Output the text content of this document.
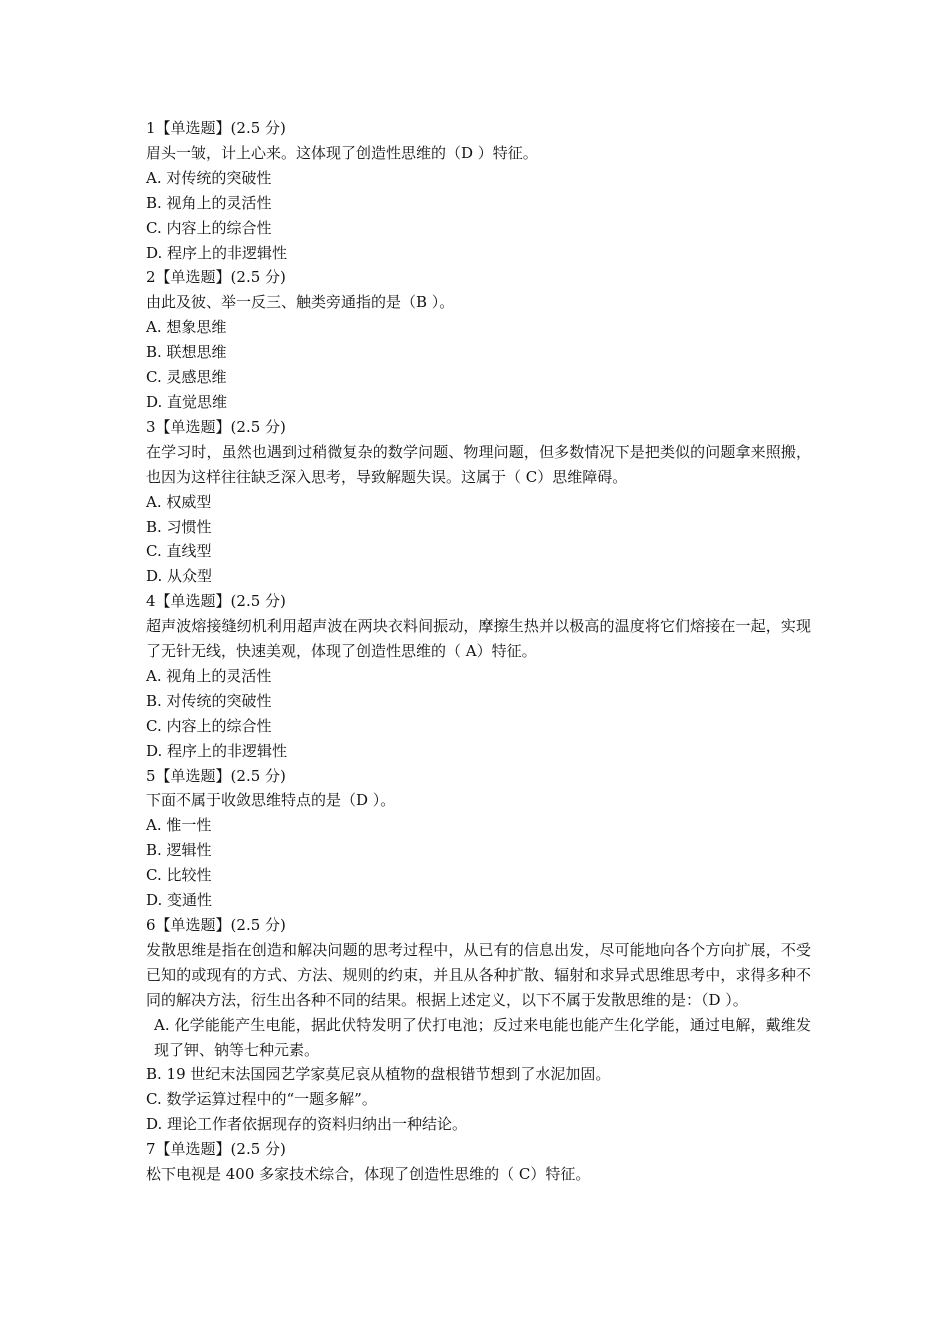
1【单选题】(2.5 分)
眉头一皱，计上心来。这体现了创造性思维的（D ）特征。
A. 对传统的突破性
B. 视角上的灵活性
C. 内容上的综合性
D. 程序上的非逻辑性
2【单选题】(2.5 分)
由此及彼、举一反三、触类旁通指的是（B ）。
A. 想象思维
B. 联想思维
C. 灵感思维
D. 直觉思维
3【单选题】(2.5 分)
在学习时，虽然也遇到过稍微复杂的数学问题、物理问题，但多数情况下是把类似的问题拿来照搬，也因为这样往往缺乏深入思考，导致解题失误。这属于（ C）思维障碍。
A. 权威型
B. 习惯性
C. 直线型
D. 从众型
4【单选题】(2.5 分)
超声波熔接缝纫机利用超声波在两块衣料间振动，摩擦生热并以极高的温度将它们熔接在一起，实现了无针无线，快速美观，体现了创造性思维的（ A）特征。
A. 视角上的灵活性
B. 对传统的突破性
C. 内容上的综合性
D. 程序上的非逻辑性
5【单选题】(2.5 分)
下面不属于收敛思维特点的是（D ）。
A. 惟一性
B. 逻辑性
C. 比较性
D. 变通性
6【单选题】(2.5 分)
发散思维是指在创造和解决问题的思考过程中，从已有的信息出发，尽可能地向各个方向扩展，不受已知的或现有的方式、方法、规则的约束，并且从各种扩散、辐射和求异式思维思考中，求得多种不同的解决方法，衍生出各种不同的结果。根据上述定义，以下不属于发散思维的是：（D ）。
A. 化学能能产生电能，据此伏特发明了伏打电池；反过来电能也能产生化学能，通过电解，戴维发现了钾、钠等七种元素。
B. 19 世纪末法国园艺学家莫尼哀从植物的盘根错节想到了水泥加固。
C. 数学运算过程中的“一题多解”。
D. 理论工作者依据现存的资料归纳出一种结论。
7【单选题】(2.5 分)
松下电视是 400 多家技术综合，体现了创造性思维的（ C）特征。
